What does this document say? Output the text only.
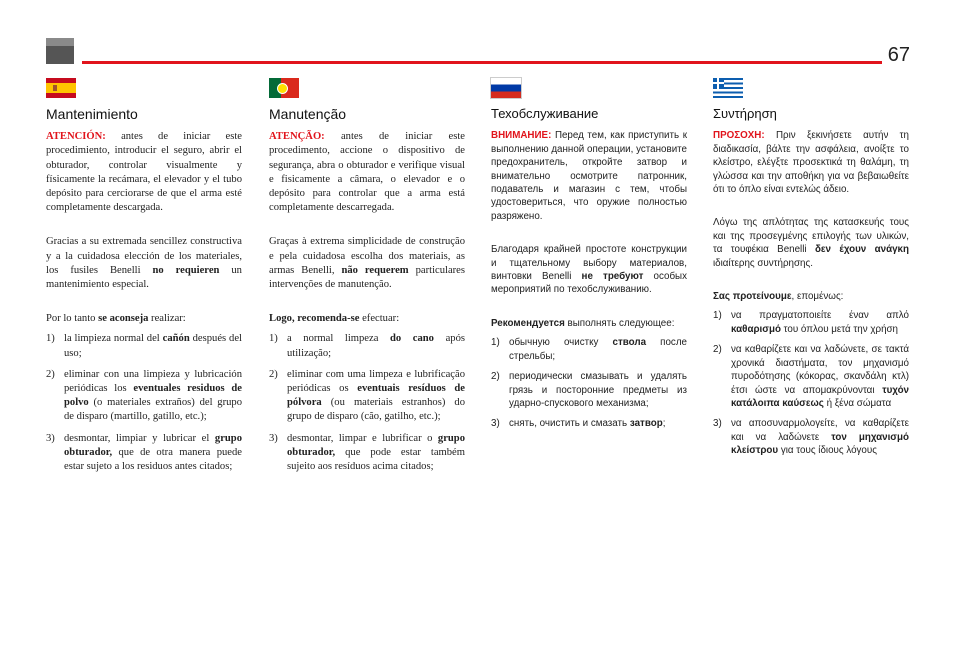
67
Mantenimiento

ATENCIÓN: antes de iniciar este procedimiento, introducir el seguro, abrir el obturador, controlar visualmente y físicamente la recámara, el elevador y el tubo depósito para cerciorarse de que el arma esté completamente descargada.

Gracias a su extremada sencillez constructiva y a la cuidadosa elección de los materiales, los fusiles Benelli no requieren un mantenimiento especial.

Por lo tanto se aconseja realizar:

1) la limpieza normal del cañón después del uso;
2) eliminar con una limpieza y lubricación periódicas los eventuales residuos de polvo (o materiales extraños) del grupo de disparo (martillo, gatillo, etc.);
3) desmontar, limpiar y lubricar el grupo obturador, que de otra manera puede estar sujeto a los residuos antes citados;
Manutenção

ATENÇÃO: antes de iniciar este procedimento, accione o dispositivo de segurança, abra o obturador e verifique visual e fisicamente a câmara, o elevador e o depósito para controlar que a arma está completamente descarregada.

Graças à extrema simplicidade de construção e pela cuidadosa escolha dos materiais, as armas Benelli, não requerem particulares intervenções de manutenção.

Logo, recomenda-se efectuar:

1) a normal limpeza do cano após utilização;
2) eliminar com uma limpeza e lubrificação periódicas os eventuais resíduos de pólvora (ou materiais estranhos) do grupo de disparo (cão, gatilho, etc.);
3) desmontar, limpar e lubrificar o grupo obturador, que pode estar também sujeito aos resíduos acima citados;
Техобслуживание

ВНИМАНИЕ: Перед тем, как приступить к выполнению данной операции, установите предохранитель, откройте затвор и внимательно осмотрите патронник, подаватель и магазин с тем, чтобы удостовериться, что оружие полностью разряжено.

Благодаря крайней простоте конструкции и тщательному выбору материалов, винтовки Benelli не требуют особых мероприятий по техобслуживанию.

Рекомендуется выполнять следующее:

1) обычную очистку ствола после стрельбы;
2) периодически смазывать и удалять грязь и посторонние предметы из ударно-спускового механизма;
3) снять, очистить и смазать затвор;
Συντήρηση

ΠΡΟΣΟΧΗ: Πριν ξεκινήσετε αυτήν τη διαδικασία, βάλτε την ασφάλεια, ανοίξτε το κλείστρο, ελέγξτε προσεκτικά τη θαλάμη, τη γλώσσα και την αποθήκη για να βεβαιωθείτε ότι το όπλο είναι εντελώς άδειο.

Λόγω της απλότητας της κατασκευής τους και της προσεγμένης επιλογής των υλικών, τα τουφέκια Benelli δεν έχουν ανάγκη ιδιαίτερης συντήρησης.

Σας προτείνουμε, επομένως:

1) να πραγματοποιείτε έναν απλό καθαρισμό του όπλου μετά την χρήση
2) να καθαρίζετε και να λαδώνετε, σε τακτά χρονικά διαστήματα, τον μηχανισμό πυροδότησης (κόκορας, σκανδάλη κτλ) έτσι ώστε να απομακρύνονται τυχόν κατάλοιπα καύσεως ή ξένα σώματα
3) να αποσυναρμολογείτε, να καθαρίζετε και να λαδώνετε τον μηχανισμό κλείστρου για τους ίδιους λόγους
